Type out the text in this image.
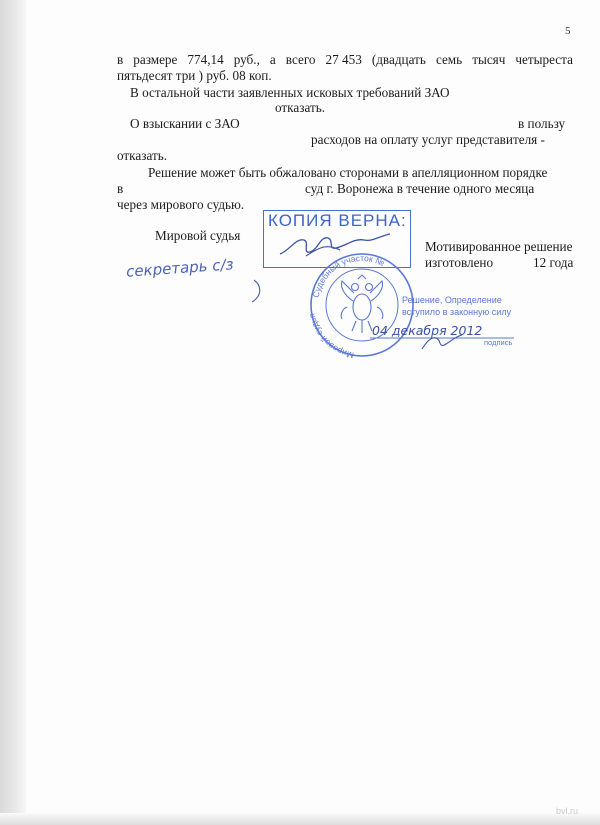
5
в размере 774,14 руб., а всего 27 453 (двадцать семь тысяч четыреста
пятьдесят три ) руб. 08 коп.
В остальной части заявленных исковых требований ЗАО
отказать.
О взыскании с ЗАО	в пользу
расходов на оплату услуг представителя -
отказать.
Решение может быть обжаловано сторонами в апелляционном порядке
в	суд г. Воронежа в течение одного месяца
через мирового судью.
Мировой судья
Мотивированное решение
изготовлено	12 года
КОПИЯ ВЕРНА:
Судебный участок №
Мировой судья
Решение, Определение
вступило в законную силу
04 декабря 2012
подпись
секретарь с/з
bvl.ru
